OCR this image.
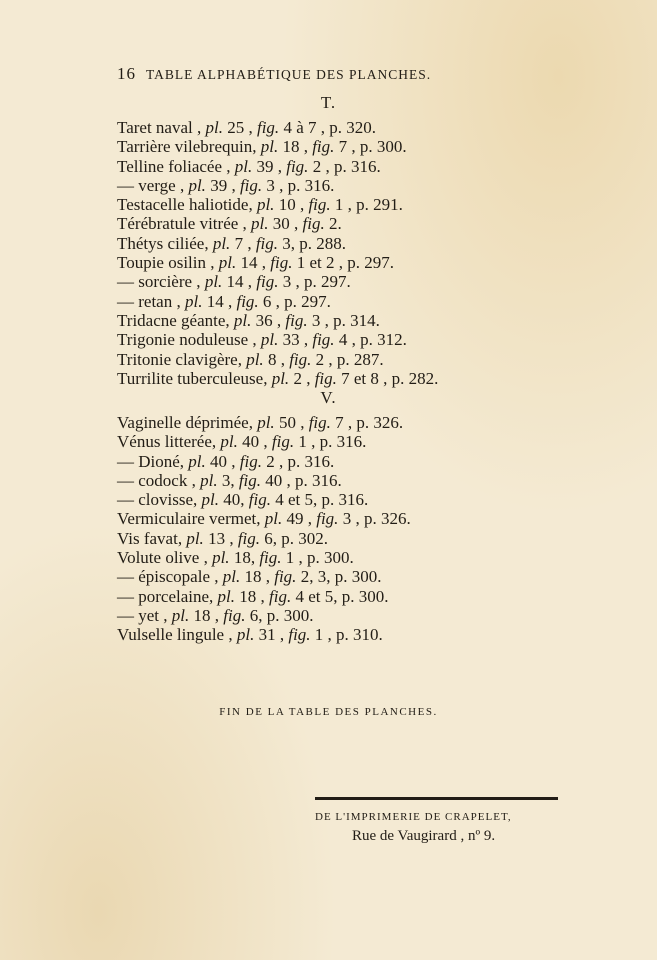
16 TABLE ALPHABÉTIQUE DES PLANCHES.
T.
Taret naval , pl. 25 , fig. 4 à 7 , p. 320.
Tarrière vilebrequin, pl. 18 , fig. 7 , p. 300.
Telline foliacée , pl. 39 , fig. 2 , p. 316.
— verge , pl. 39 , fig. 3 , p. 316.
Testacelle haliotide, pl. 10 , fig. 1 , p. 291.
Térébratule vitrée , pl. 30 , fig. 2.
Thétys ciliée, pl. 7 , fig. 3, p. 288.
Toupie osilin , pl. 14 , fig. 1 et 2 , p. 297.
— sorcière , pl. 14 , fig. 3 , p. 297.
— retan , pl. 14 , fig. 6 , p. 297.
Tridacne géante, pl. 36 , fig. 3 , p. 314.
Trigonie noduleuse , pl. 33 , fig. 4 , p. 312.
Tritonie clavigère, pl. 8 , fig. 2 , p. 287.
Turrilite tuberculeuse, pl. 2 , fig. 7 et 8 , p. 282.
V.
Vaginelle déprimée, pl. 50 , fig. 7 , p. 326.
Vénus litterée, pl. 40 , fig. 1 , p. 316.
— Dioné, pl. 40 , fig. 2 , p. 316.
— codock , pl. 3, fig. 40 , p. 316.
— clovisse, pl. 40, fig. 4 et 5, p. 316.
Vermiculaire vermet, pl. 49 , fig. 3 , p. 326.
Vis favat, pl. 13 , fig. 6, p. 302.
Volute olive , pl. 18, fig. 1 , p. 300.
— épiscopale , pl. 18 , fig. 2, 3, p. 300.
— porcelaine, pl. 18 , fig. 4 et 5, p. 300.
— yet , pl. 18 , fig. 6, p. 300.
Vulselle lingule , pl. 31 , fig. 1 , p. 310.
FIN DE LA TABLE DES PLANCHES.
DE L'IMPRIMERIE DE CRAPELET,
Rue de Vaugirard , nº 9.
